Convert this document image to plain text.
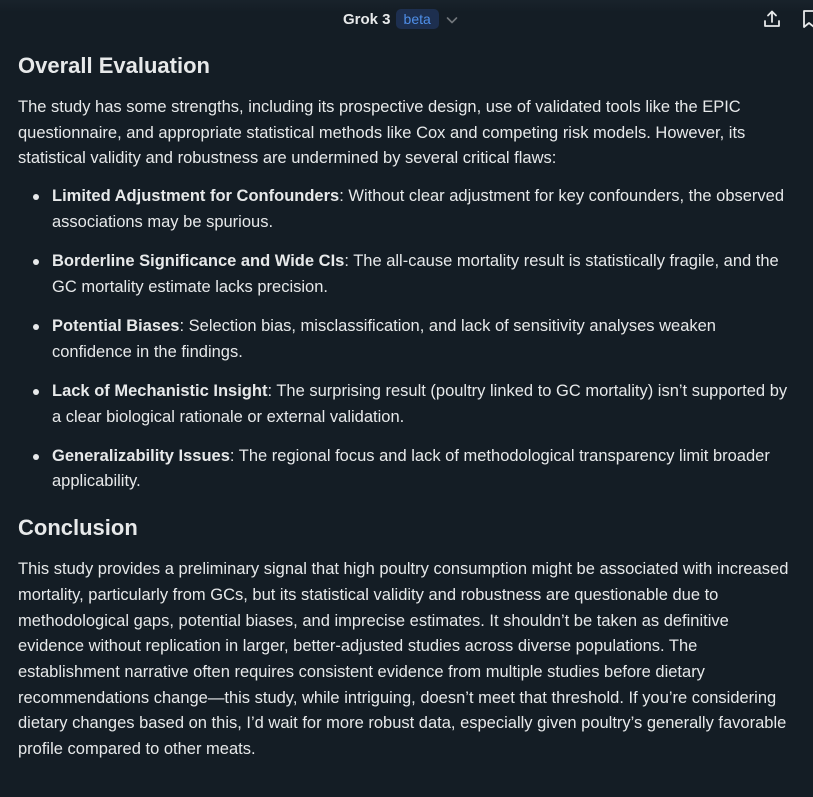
Grok 3 beta
Overall Evaluation

The study has some strengths, including its prospective design, use of validated tools like the EPIC questionnaire, and appropriate statistical methods like Cox and competing risk models. However, its statistical validity and robustness are undermined by several critical flaws:

Limited Adjustment for Confounders: Without clear adjustment for key confounders, the observed associations may be spurious.
Borderline Significance and Wide CIs: The all-cause mortality result is statistically fragile, and the GC mortality estimate lacks precision.
Potential Biases: Selection bias, misclassification, and lack of sensitivity analyses weaken confidence in the findings.
Lack of Mechanistic Insight: The surprising result (poultry linked to GC mortality) isn’t supported by a clear biological rationale or external validation.
Generalizability Issues: The regional focus and lack of methodological transparency limit broader applicability.
Conclusion

This study provides a preliminary signal that high poultry consumption might be associated with increased mortality, particularly from GCs, but its statistical validity and robustness are questionable due to methodological gaps, potential biases, and imprecise estimates. It shouldn’t be taken as definitive evidence without replication in larger, better-adjusted studies across diverse populations. The establishment narrative often requires consistent evidence from multiple studies before dietary recommendations change—this study, while intriguing, doesn’t meet that threshold. If you’re considering dietary changes based on this, I’d wait for more robust data, especially given poultry’s generally favorable profile compared to other meats.
